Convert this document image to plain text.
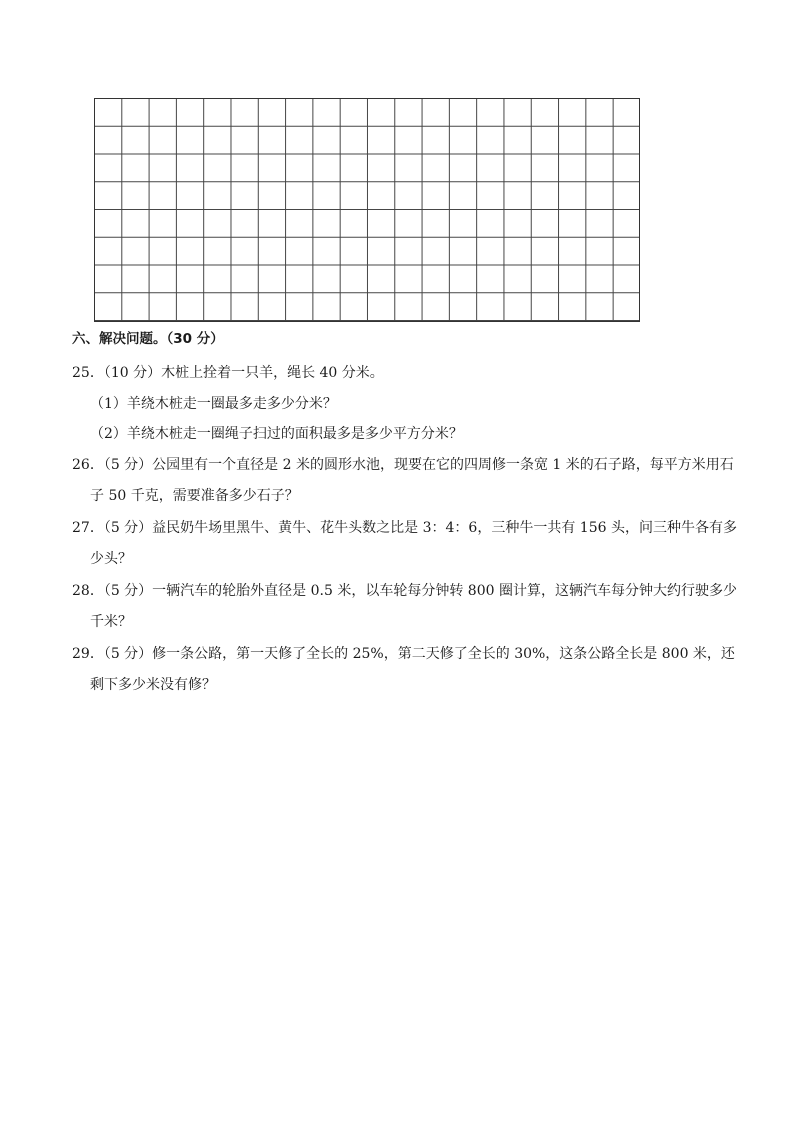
六、解决问题。（30 分）
25．（10 分）木桩上拴着一只羊，绳长 40 分米。
（1）羊绕木桩走一圈最多走多少分米？
（2）羊绕木桩走一圈绳子扫过的面积最多是多少平方分米？
26．（5 分）公园里有一个直径是 2 米的圆形水池，现要在它的四周修一条宽 1 米的石子路，每平方米用石
子 50 千克，需要准备多少石子？
27．（5 分）益民奶牛场里黑牛、黄牛、花牛头数之比是 3：4：6，三种牛一共有 156 头，问三种牛各有多
少头？
28．（5 分）一辆汽车的轮胎外直径是 0.5 米，以车轮每分钟转 800 圈计算，这辆汽车每分钟大约行驶多少
千米？
29．（5 分）修一条公路，第一天修了全长的 25%，第二天修了全长的 30%，这条公路全长是 800 米，还
剩下多少米没有修？
